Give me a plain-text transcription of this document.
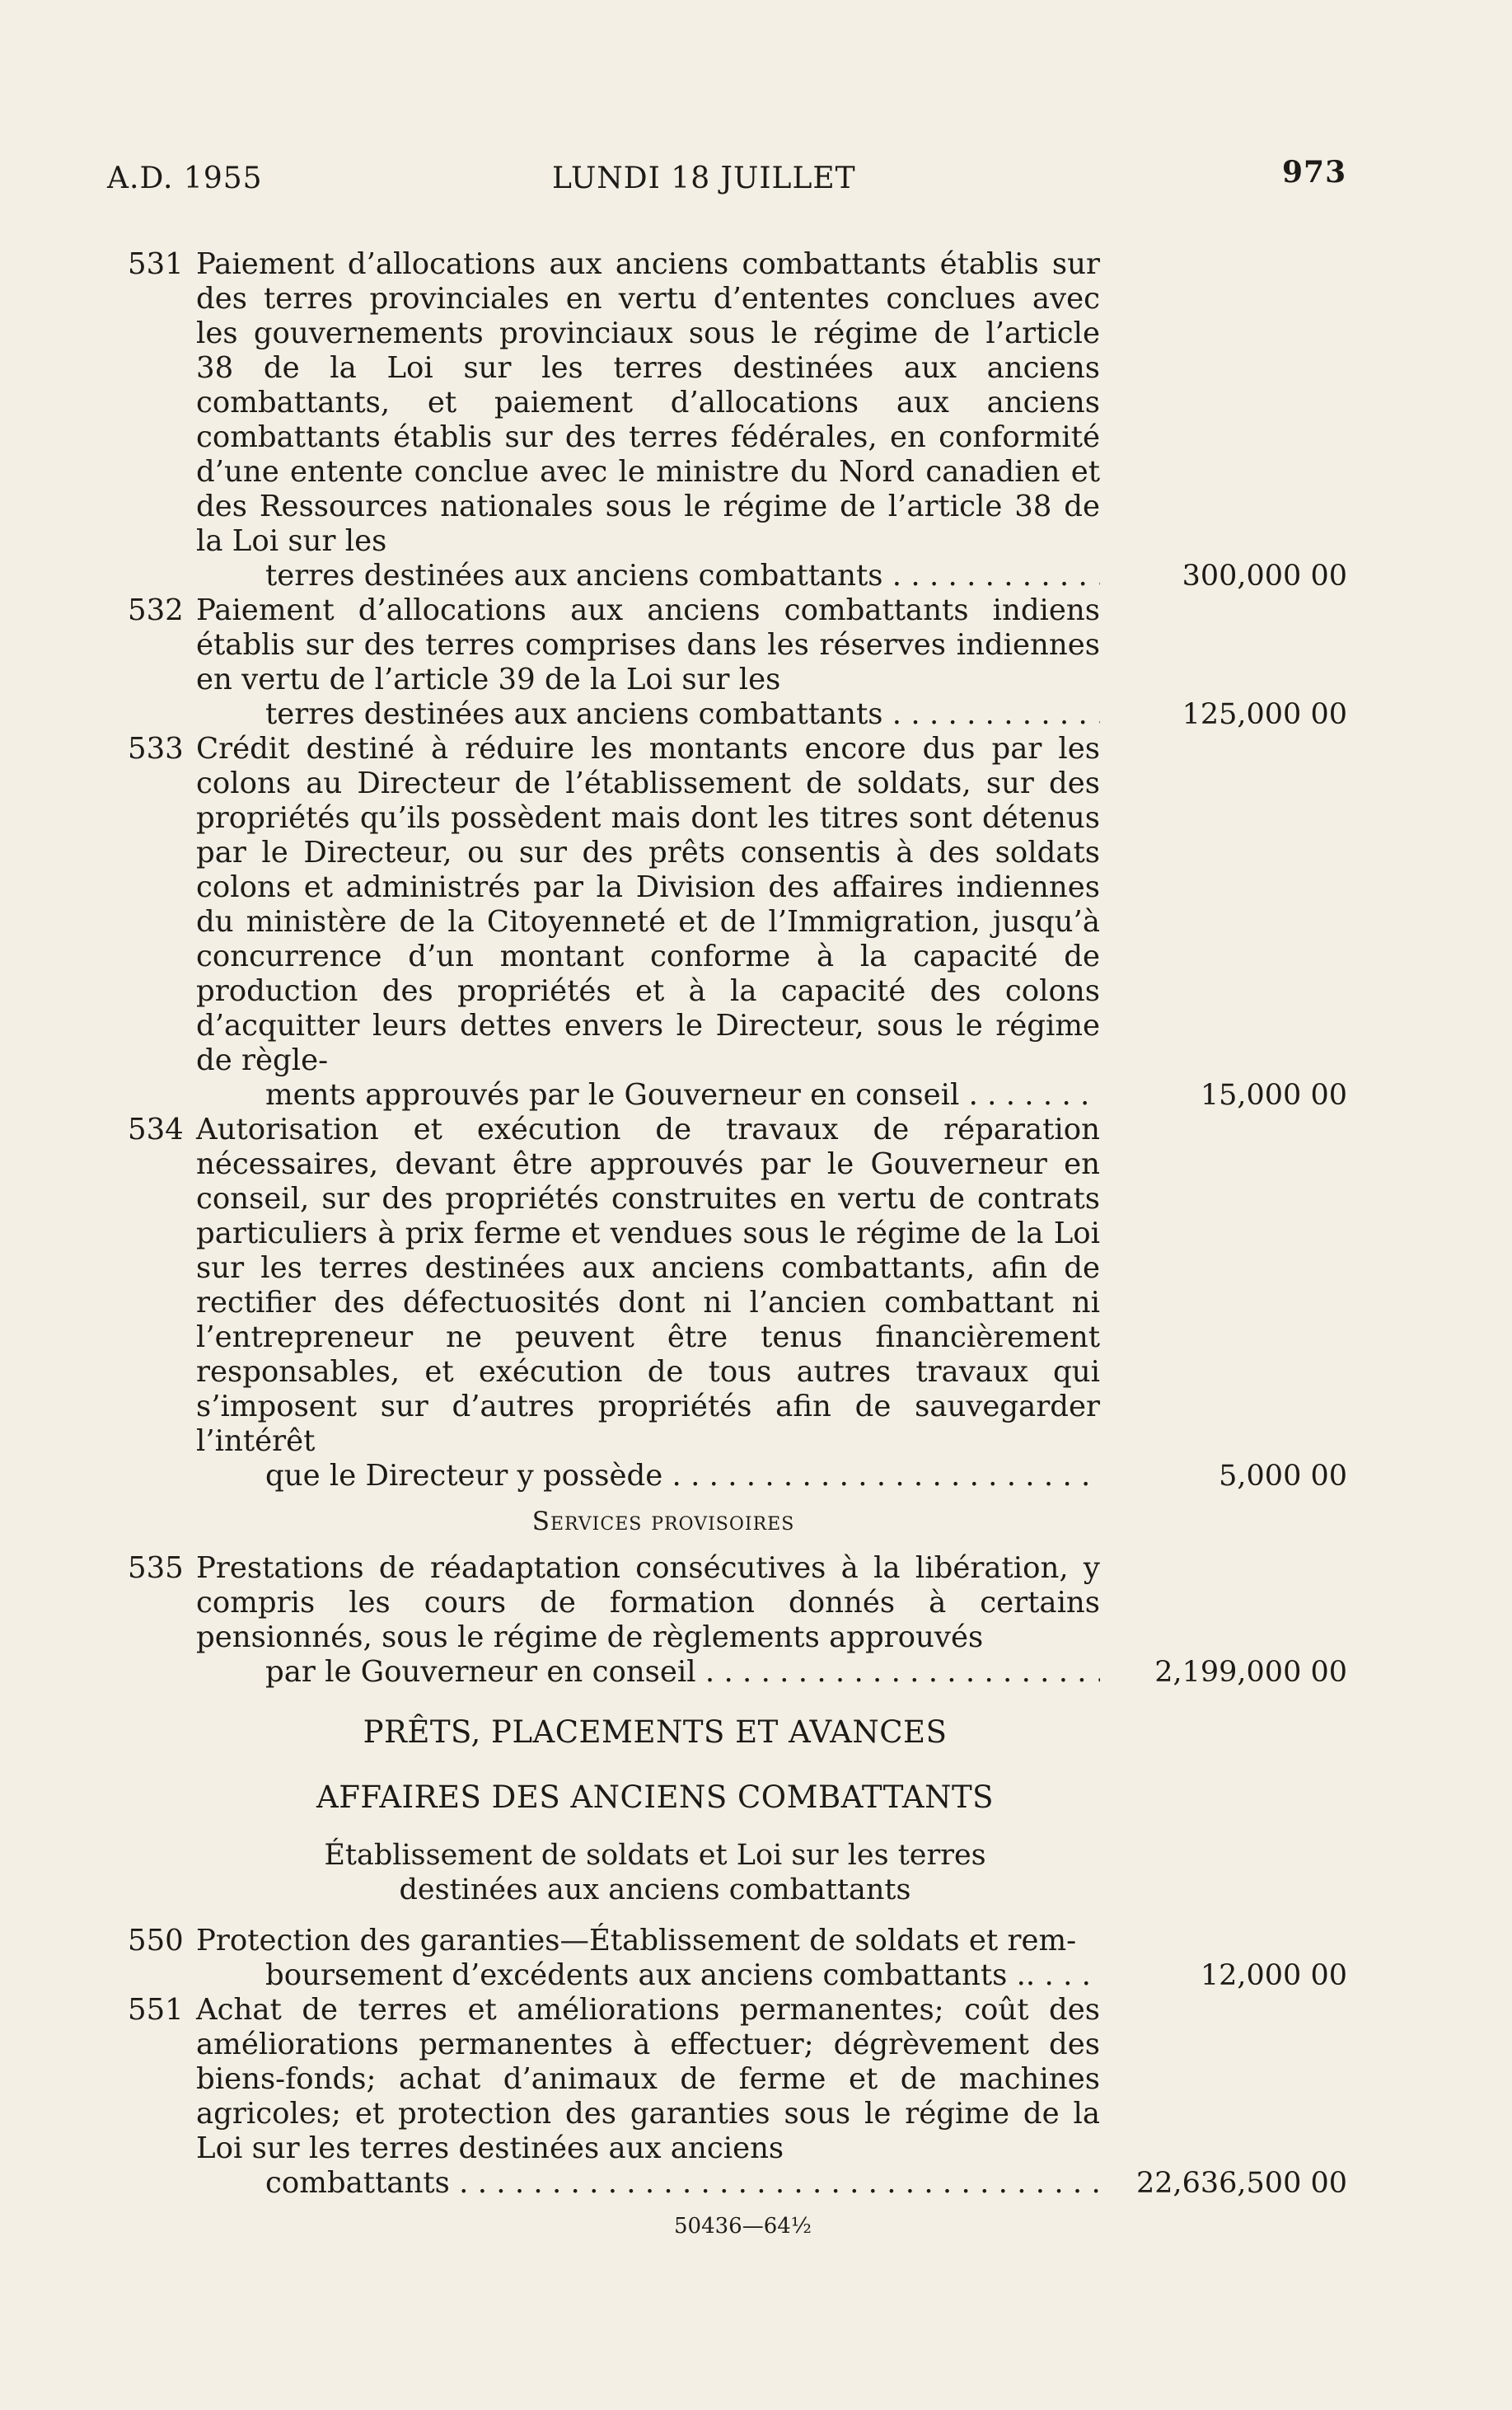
A.D. 1955	LUNDI 18 JUILLET	973
531 Paiement d’allocations aux anciens combattants établis sur des terres provinciales en vertu d’ententes conclues avec les gouvernements provinciaux sous le régime de l’article 38 de la Loi sur les terres destinées aux anciens combattants, et paiement d’allocations aux anciens combattants établis sur des terres fédérales, en conformité d’une entente conclue avec le ministre du Nord canadien et des Ressources nationales sous le régime de l’article 38 de la Loi sur les
terres destinées aux anciens combattants . . .	300,000 00
532 Paiement d’allocations aux anciens combattants indiens établis sur des terres comprises dans les réserves indiennes en vertu de l’article 39 de la Loi sur les
terres destinées aux anciens combattants . . .	125,000 00
533 Crédit destiné à réduire les montants encore dus par les colons au Directeur de l’établissement de soldats, sur des propriétés qu’ils possèdent mais dont les titres sont détenus par le Directeur, ou sur des prêts consentis à des soldats colons et administrés par la Division des affaires indiennes du ministère de la Citoyenneté et de l’Immigration, jusqu’à concurrence d’un montant conforme à la capacité de production des propriétés et à la capacité des colons d’acquitter leurs dettes envers le Directeur, sous le régime de règle-
ments approuvés par le Gouverneur en conseil . . .	15,000 00
534 Autorisation et exécution de travaux de réparation nécessaires, devant être approuvés par le Gouverneur en conseil, sur des propriétés construites en vertu de contrats particuliers à prix ferme et vendues sous le régime de la Loi sur les terres destinées aux anciens combattants, afin de rectifier des défectuosités dont ni l’ancien combattant ni l’entrepreneur ne peuvent être tenus financièrement responsables, et exécution de tous autres travaux qui s’imposent sur d’autres propriétés afin de sauvegarder l’intérêt
que le Directeur y possède . . .	5,000 00
Services provisoires
535 Prestations de réadaptation consécutives à la libération, y compris les cours de formation donnés à certains pensionnés, sous le régime de règlements approuvés
par le Gouverneur en conseil . . .	2,199,000 00
PRÊTS, PLACEMENTS ET AVANCES
AFFAIRES DES ANCIENS COMBATTANTS
Établissement de soldats et Loi sur les terres
destinées aux anciens combattants
550 Protection des garanties—Établissement de soldats et rem-
boursement d’excédents aux anciens combattants .. . . .	12,000 00
551 Achat de terres et améliorations permanentes; coût des améliorations permanentes à effectuer; dégrèvement des biens-fonds; achat d’animaux de ferme et de machines agricoles; et protection des garanties sous le régime de la Loi sur les terres destinées aux anciens
combattants . . .	22,636,500 00
50436—64½
